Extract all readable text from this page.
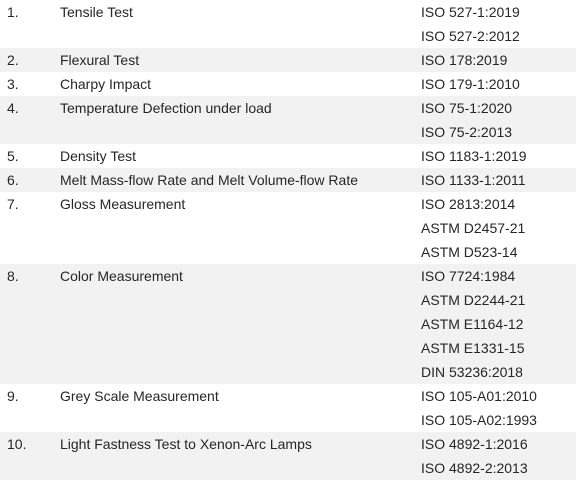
1.	Tensile Test	ISO 527-1:2019
ISO 527-2:2012
2.	Flexural Test	ISO 178:2019
3.	Charpy Impact	ISO 179-1:2010
4.	Temperature Defection under load	ISO 75-1:2020
ISO 75-2:2013
5.	Density Test	ISO 1183-1:2019
6.	Melt Mass-flow Rate and Melt Volume-flow Rate	ISO 1133-1:2011
7.	Gloss Measurement	ISO 2813:2014
ASTM D2457-21
ASTM D523-14
8.	Color Measurement	ISO 7724:1984
ASTM D2244-21
ASTM E1164-12
ASTM E1331-15
DIN 53236:2018
9.	Grey Scale Measurement	ISO 105-A01:2010
ISO 105-A02:1993
10.	Light Fastness Test to Xenon-Arc Lamps	ISO 4892-1:2016
ISO 4892-2:2013
